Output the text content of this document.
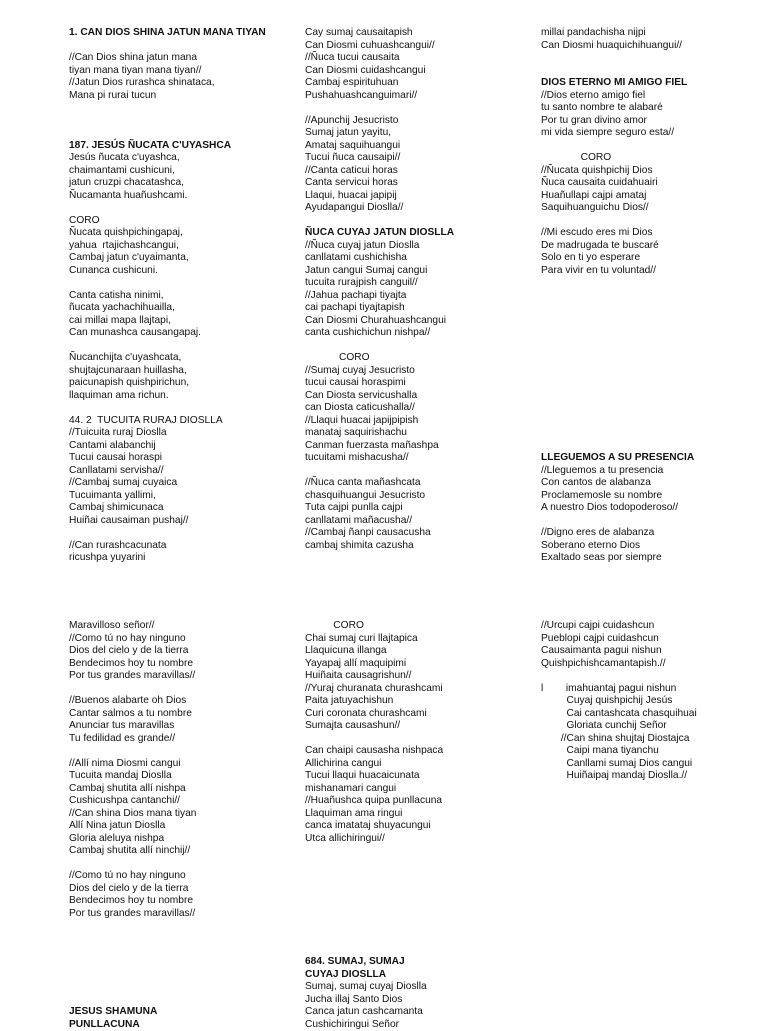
1. CAN DIOS SHINA JATUN MANA TIYAN
//Can Dios shina jatun mana
tiyan mana tiyan mana tiyan//
//Jatun Dios rurashca shinataca,
Mana pi rurai tucun
187. JESÚS ÑUCATA C'UYASHCA
Jesús ñucata c'uyashca,
chaimantami cushicuni,
jatun cruzpi chacatashca,
Ñucamanta huañushcami.
CORO
Ñucata quishpichingapaj,
yahua  rtajichashcangui,
Cambaj jatun c'uyaimanta,
Cunanca cushicuni.
Canta catisha ninimi,
ñucata yachachihuailla,
cai millai mapa llajtapi,
Can munashca causangapaj.
Ñucanchijta c'uyashcata,
shujtajcunaraan huillasha,
paicunapish quishpirichun,
llaquiman ama richun.
44. 2  TUCUITA RURAJ DIOSLLA
//Tuicuita ruraj Dioslla
Cantami alabanchij
Tucui causai horaspi
Canllatami servisha//
//Cambaj sumaj cuyaica
Tucuimanta yallimi,
Cambaj shimicunaca
Huiñai causaiman pushaj//
//Can rurashcacunata
ricushpa yuyarini
Cay sumaj causaitapish
Can Diosmi cuhuashcangui//
//Ñuca tucui causaita
Can Diosmi cuidashcangui
Cambaj espirituhuan
Pushahuashcanguimari//
//Apunchij Jesucristo
Sumaj jatun yayitu,
Amataj saquihuangui
Tucui ñuca causaipi//
//Canta caticui horas
Canta servicui horas
Llaqui, huacai japipij
Ayudapangui Dioslla//
ÑUCA CUYAJ JATUN DIOSLLA
//Ñuca cuyaj jatun Dioslla
canllatami cushichisha
Jatun cangui Sumaj cangui
tucuita rurajpish canguil//
//Jahua pachapi tiyajta
cai pachapi tiyajtapish
Can Diosmi Churahuashcangui
canta cushichichun nishpa//
CORO
//Sumaj cuyaj Jesucristo
tucui causai horaspimi
Can Diosta servicushalla
can Diosta caticushalla//
//Llaqui huacai japijpipish
manataj saquirishachu
Canman fuerzasta mañashpa
tucuitami mishacusha//
//Ñuca canta mañashcata
chasquihuangui Jesucristo
Tuta cajpi punlla cajpi
canllatami mañacusha//
//Cambaj ñanpi causacusha
cambaj shimita cazusha
millai pandachisha nijpi
Can Diosmi huaquichihuangui//
DIOS ETERNO MI AMIGO FIEL
//Dios eterno amigo fiel
tu santo nombre te alabaré
Por tu gran divino amor
mi vida siempre seguro esta//
CORO
//Ñucata quishpichij Dios
Ñuca causaita cuidahuairi
Huañullapi cajpi amataj
Saquihuanguichu Dios//
//Mi escudo eres mi Dios
De madrugada te buscaré
Solo en ti yo esperare
Para vivir en tu voluntad//
LLEGUEMOS A SU PRESENCIA
//Lleguemos a tu presencia
Con cantos de alabanza
Proclamemosle su nombre
A nuestro Dios todopoderoso//
//Digno eres de alabanza
Soberano eterno Dios
Exaltado seas por siempre
Maravilloso señor//
//Como tú no hay ninguno
Dios del cielo y de la tierra
Bendecimos hoy tu nombre
Por tus grandes maravillas//
//Buenos alabarte oh Dios
Cantar salmos a tu nombre
Anunciar tus maravillas
Tu fedilidad es grande//
//Allí nima Diosmi cangui
Tucuita mandaj Dioslla
Cambaj shutita allí nishpa
Cushicushpa cantanchi//
//Can shina Dios mana tiyan
Allí Nina jatun Dioslla
Gloria aleluya nishpa
Cambaj shutita allí ninchij//
//Como tú no hay ninguno
Dios del cielo y de la tierra
Bendecimos hoy tu nombre
Por tus grandes maravillas//
CORO
Chai sumaj curi llajtapica
Llaquicuna illanga
Yayapaj allí maquipimi
Huiñaita causagrishun//
//Yuraj churanata churashcami
Paita jatuyachishun
Curi coronata churashcami
Sumajta causashun//
Can chaipi causasha nishpaca
Allichirina cangui
Tucui llaqui huacaicunata
mishanamari cangui
//Huañushca quipa punllacuna
Llaquiman ama ringui
canca imatataj shuyacungui
Utca allichiringui//
//Urcupi cajpi cuidashcun
Pueblopi cajpi cuidashcun
Causaimanta pagui nishun
Quishpichishcamantapish.//
l        imahuantaj pagui nishun
Cuyaj quishpichij Jesús
Cai cantashcata chasquihuai
Gloriata cunchij Señor
//Can shina shujtaj Diostajca
Caipi mana tiyanchu
Canllami sumaj Dios cangui
Huiñaipaj mandaj Dioslla.//
684. SUMAJ, SUMAJ
CUYAJ DIOSLLA
Sumaj, sumaj cuyaj Dioslla
Jucha illaj Santo Dios
Canca jatun cashcamanta
Cushichiringui Señor
JESUS SHAMUNA
PUNLLACUNA
